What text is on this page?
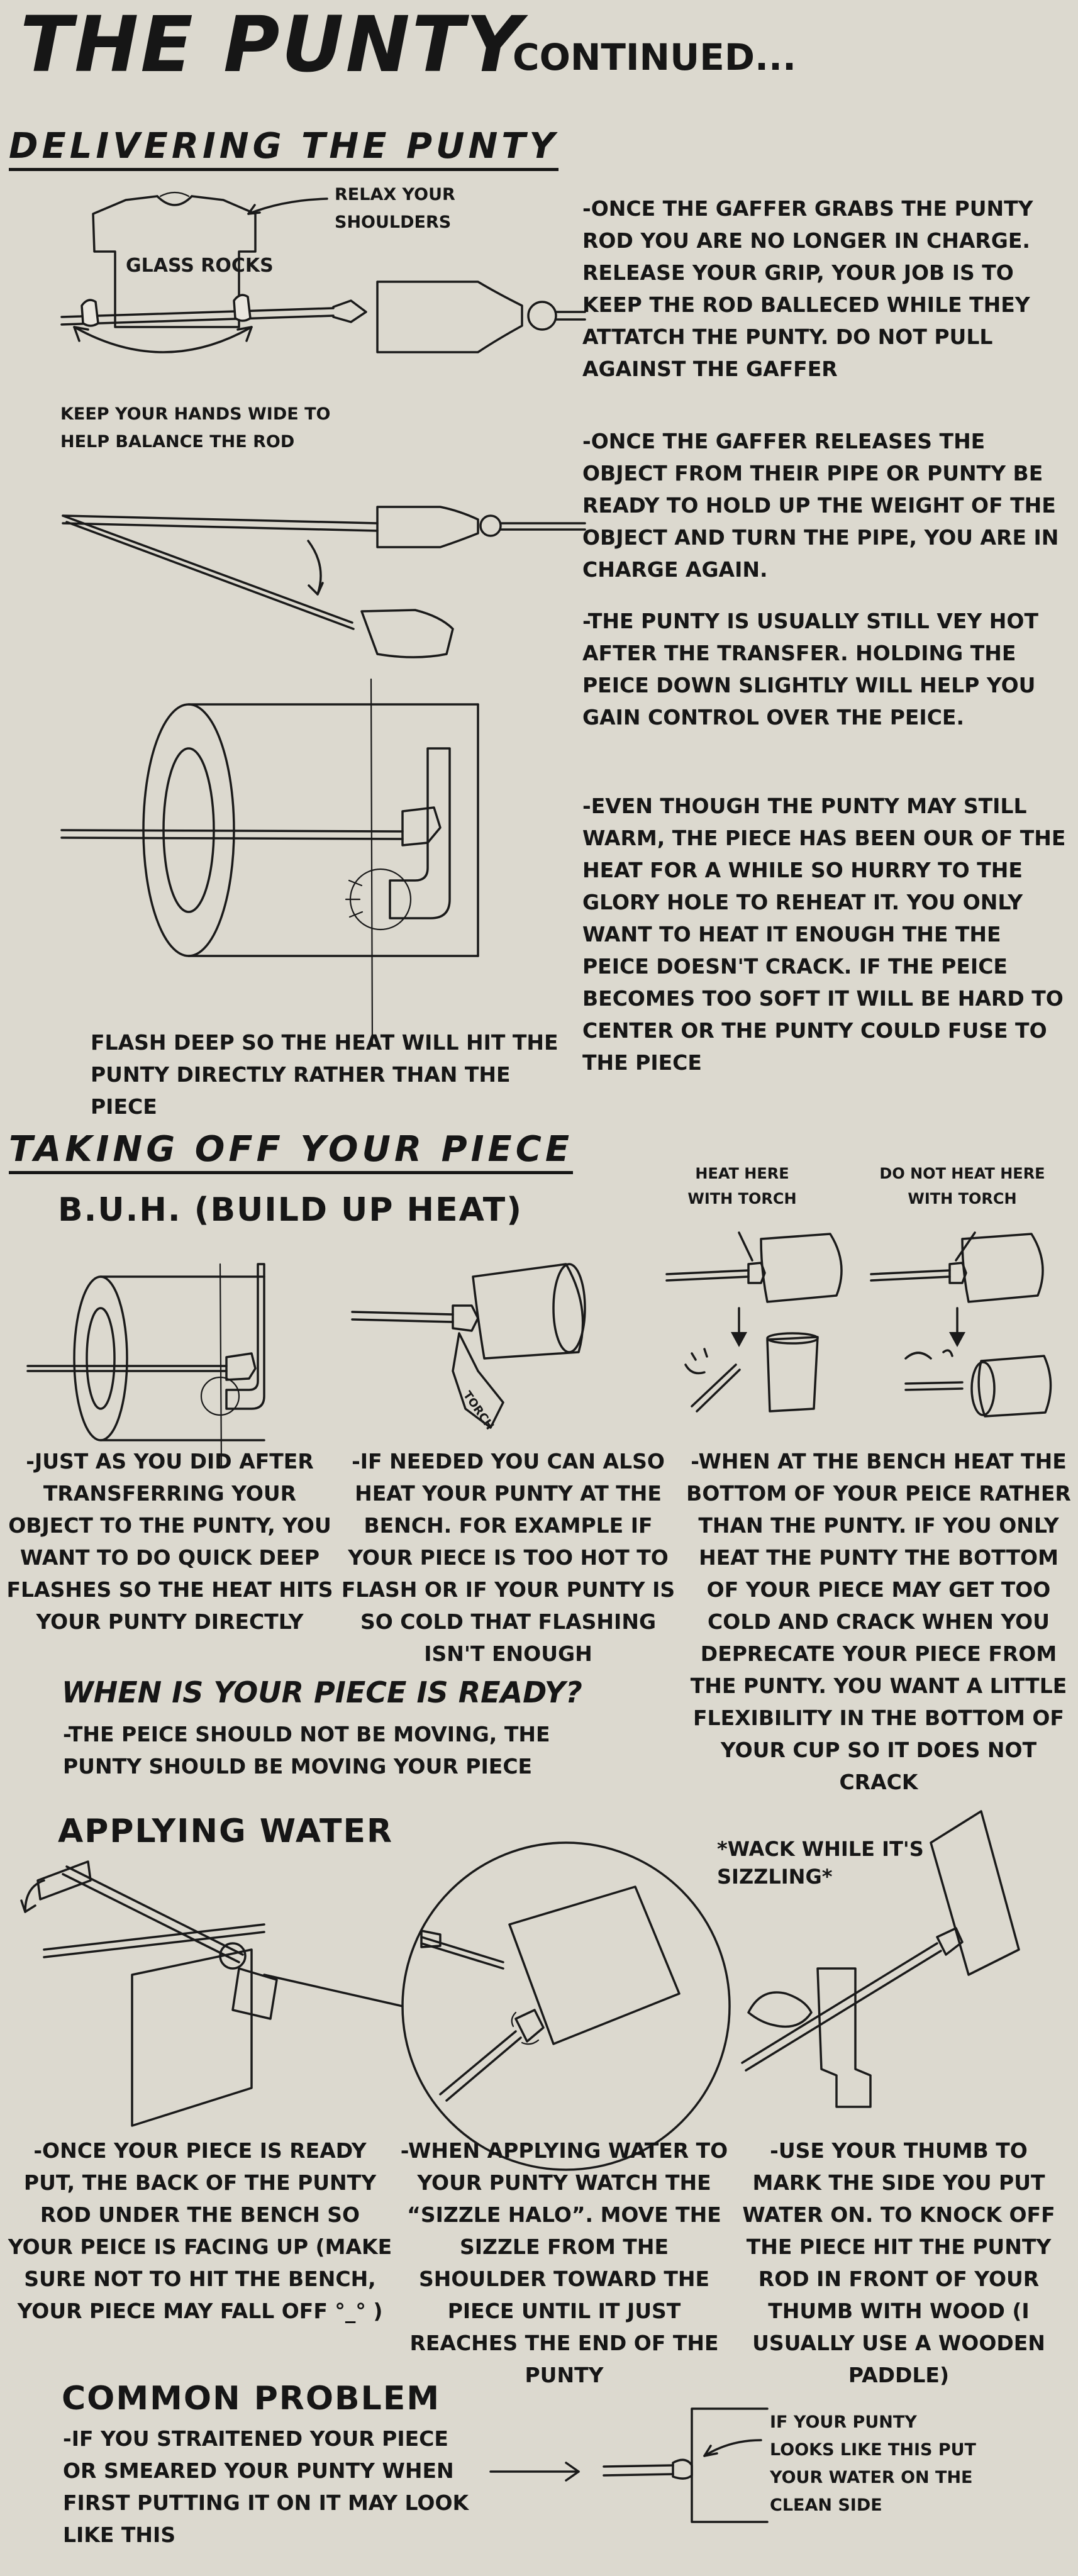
GLASS ROCKS
TORCH
THE PUNTY
CONTINUED...
DELIVERING THE PUNTY
RELAX YOUR SHOULDERS
KEEP YOUR HANDS WIDE TO HELP BALANCE THE ROD
-ONCE THE GAFFER GRABS THE PUNTY ROD YOU ARE NO LONGER IN CHARGE. RELEASE YOUR GRIP, YOUR JOB IS TO KEEP THE ROD BALLECED WHILE THEY ATTATCH THE PUNTY. DO NOT PULL AGAINST THE GAFFER
-ONCE THE GAFFER RELEASES THE OBJECT FROM THEIR PIPE OR PUNTY BE READY TO HOLD UP THE WEIGHT OF THE OBJECT AND TURN THE PIPE, YOU ARE IN CHARGE AGAIN.
-THE PUNTY IS USUALLY STILL VEY HOT AFTER THE TRANSFER. HOLDING THE PEICE DOWN SLIGHTLY WILL HELP YOU GAIN CONTROL OVER THE PEICE.
-EVEN THOUGH THE PUNTY MAY STILL WARM, THE PIECE HAS BEEN OUR OF THE HEAT FOR A WHILE SO HURRY TO THE GLORY HOLE TO REHEAT IT. YOU ONLY WANT TO HEAT IT ENOUGH THE THE PEICE DOESN'T CRACK. IF THE PEICE BECOMES TOO SOFT IT WILL BE HARD TO CENTER OR THE PUNTY COULD FUSE TO THE PIECE
FLASH DEEP SO THE HEAT WILL HIT THE PUNTY DIRECTLY RATHER THAN THE PIECE
TAKING OFF YOUR PIECE
B.U.H. (BUILD UP HEAT)
HEAT HERE WITH TORCH
DO NOT HEAT HERE WITH TORCH
-JUST AS YOU DID AFTER TRANSFERRING YOUR OBJECT TO THE PUNTY, YOU WANT TO DO QUICK DEEP FLASHES SO THE HEAT HITS YOUR PUNTY DIRECTLY
-IF NEEDED YOU CAN ALSO HEAT YOUR PUNTY AT THE BENCH. FOR EXAMPLE IF YOUR PIECE IS TOO HOT TO FLASH OR IF YOUR PUNTY IS SO COLD THAT FLASHING ISN'T ENOUGH
-WHEN AT THE BENCH HEAT THE BOTTOM OF YOUR PEICE RATHER THAN THE PUNTY. IF YOU ONLY HEAT THE PUNTY THE BOTTOM OF YOUR PIECE MAY GET TOO COLD AND CRACK WHEN YOU DEPRECATE YOUR PIECE FROM THE PUNTY. YOU WANT A LITTLE FLEXIBILITY IN THE BOTTOM OF YOUR CUP SO IT DOES NOT CRACK
WHEN IS YOUR PIECE IS READY?
-THE PEICE SHOULD NOT BE MOVING, THE PUNTY SHOULD BE MOVING YOUR PIECE
APPLYING WATER	*WACK WHILE IT'S SIZZLING*
-ONCE YOUR PIECE IS READY PUT, THE BACK OF THE PUNTY ROD UNDER THE BENCH SO YOUR PEICE IS FACING UP (MAKE SURE NOT TO HIT THE BENCH, YOUR PIECE MAY FALL OFF °_° )
-WHEN APPLYING WATER TO YOUR PUNTY WATCH THE “SIZZLE HALO”. MOVE THE SIZZLE FROM THE SHOULDER TOWARD THE PIECE UNTIL IT JUST REACHES THE END OF THE PUNTY
-USE YOUR THUMB TO MARK THE SIDE YOU PUT WATER ON. TO KNOCK OFF THE PIECE HIT THE PUNTY ROD IN FRONT OF YOUR THUMB WITH WOOD (I USUALLY USE A WOODEN PADDLE)
COMMON PROBLEM
-IF YOU STRAITENED YOUR PIECE OR SMEARED YOUR PUNTY WHEN FIRST PUTTING IT ON IT MAY LOOK LIKE THIS
IF YOUR PUNTY LOOKS LIKE THIS PUT YOUR WATER ON THE CLEAN SIDE
